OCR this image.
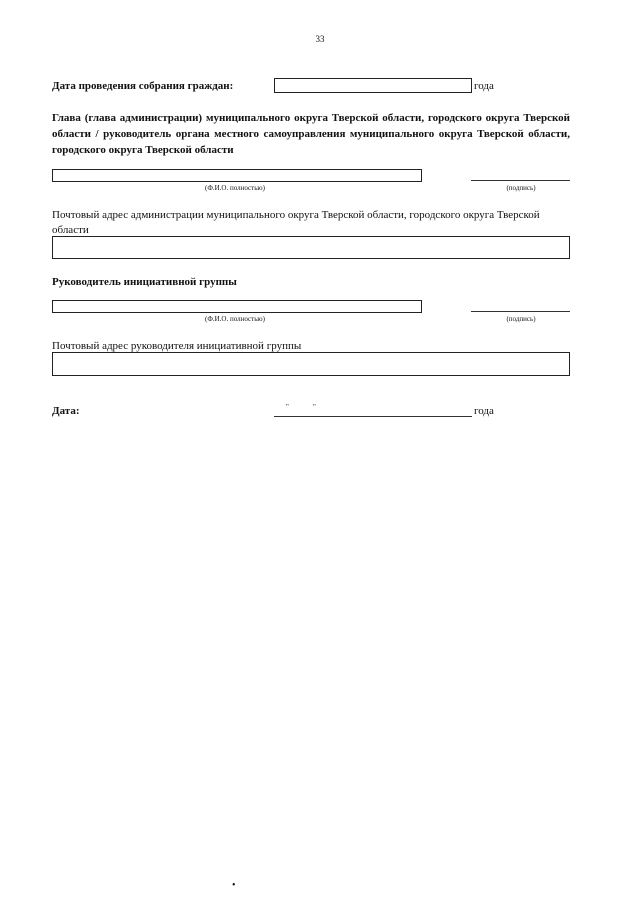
33
Дата проведения собрания граждан:	года
Глава (глава администрации) муниципального округа Тверской области, городского округа Тверской области / руководитель органа местного самоуправления муниципального округа Тверской области, городского округа Тверской области
(Ф.И.О. полностью)	(подпись)
Почтовый адрес администрации муниципального округа Тверской области, городского округа Тверской области
Руководитель инициативной группы
(Ф.И.О. полностью)	(подпись)
Почтовый адрес руководителя инициативной группы
Дата:	"	"	года
•
